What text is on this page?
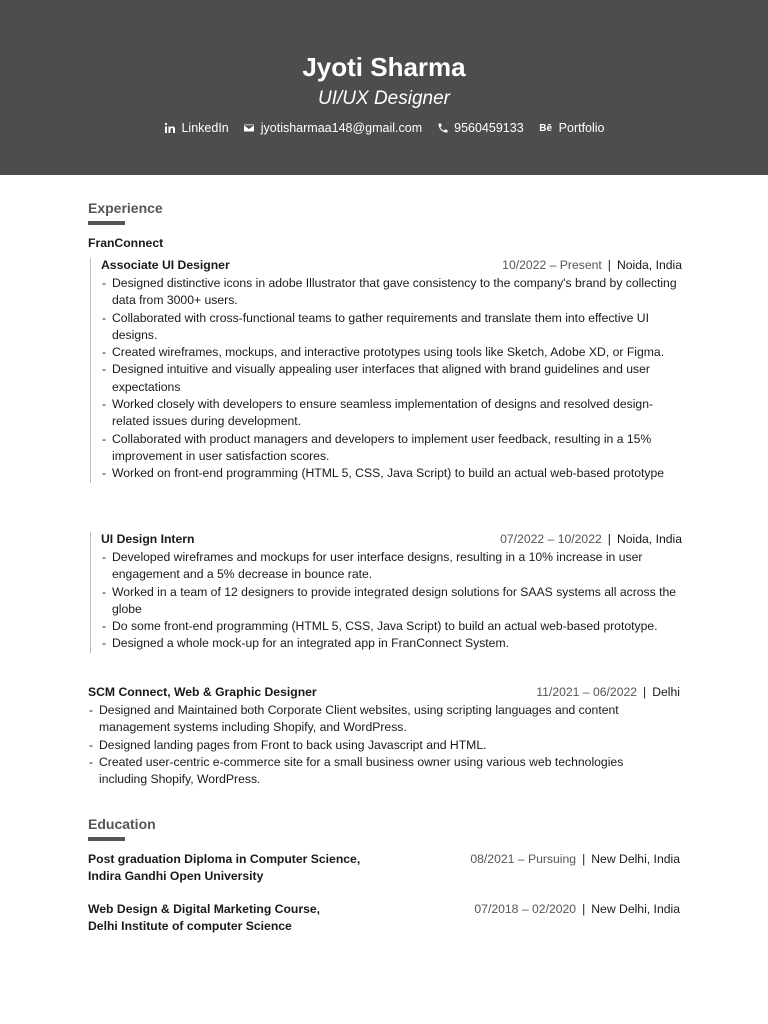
Jyoti Sharma
UI/UX Designer
LinkedIn	jyotisharmaa148@gmail.com	9560459133 Bē Portfolio
Experience
FranConnect
Associate UI Designer	10/2022 – Present | Noida, India
- Designed distinctive icons in adobe Illustrator that gave consistency to the company's brand by collecting data from 3000+ users.
- Collaborated with cross-functional teams to gather requirements and translate them into effective UI designs.
- Created wireframes, mockups, and interactive prototypes using tools like Sketch, Adobe XD, or Figma.
- Designed intuitive and visually appealing user interfaces that aligned with brand guidelines and user expectations
- Worked closely with developers to ensure seamless implementation of designs and resolved design-related issues during development.
- Collaborated with product managers and developers to implement user feedback, resulting in a 15% improvement in user satisfaction scores.
- Worked on front-end programming (HTML 5, CSS, Java Script) to build an actual web-based prototype
UI Design Intern	07/2022 – 10/2022 | Noida, India
- Developed wireframes and mockups for user interface designs, resulting in a 10% increase in user engagement and a 5% decrease in bounce rate.
- Worked in a team of 12 designers to provide integrated design solutions for SAAS systems all across the globe
- Do some front-end programming (HTML 5, CSS, Java Script) to build an actual web-based prototype.
- Designed a whole mock-up for an integrated app in FranConnect System.
SCM Connect, Web & Graphic Designer	11/2021 – 06/2022 | Delhi
- Designed and Maintained both Corporate Client websites, using scripting languages and content management systems including Shopify, and WordPress.
- Designed landing pages from Front to back using Javascript and HTML.
- Created user-centric e-commerce site for a small business owner using various web technologies including Shopify, WordPress.
Education
Post graduation Diploma in Computer Science,
Indira Gandhi Open University
08/2021 – Pursuing | New Delhi, India
Web Design & Digital Marketing Course,
Delhi Institute of computer Science
07/2018 – 02/2020 | New Delhi, India
